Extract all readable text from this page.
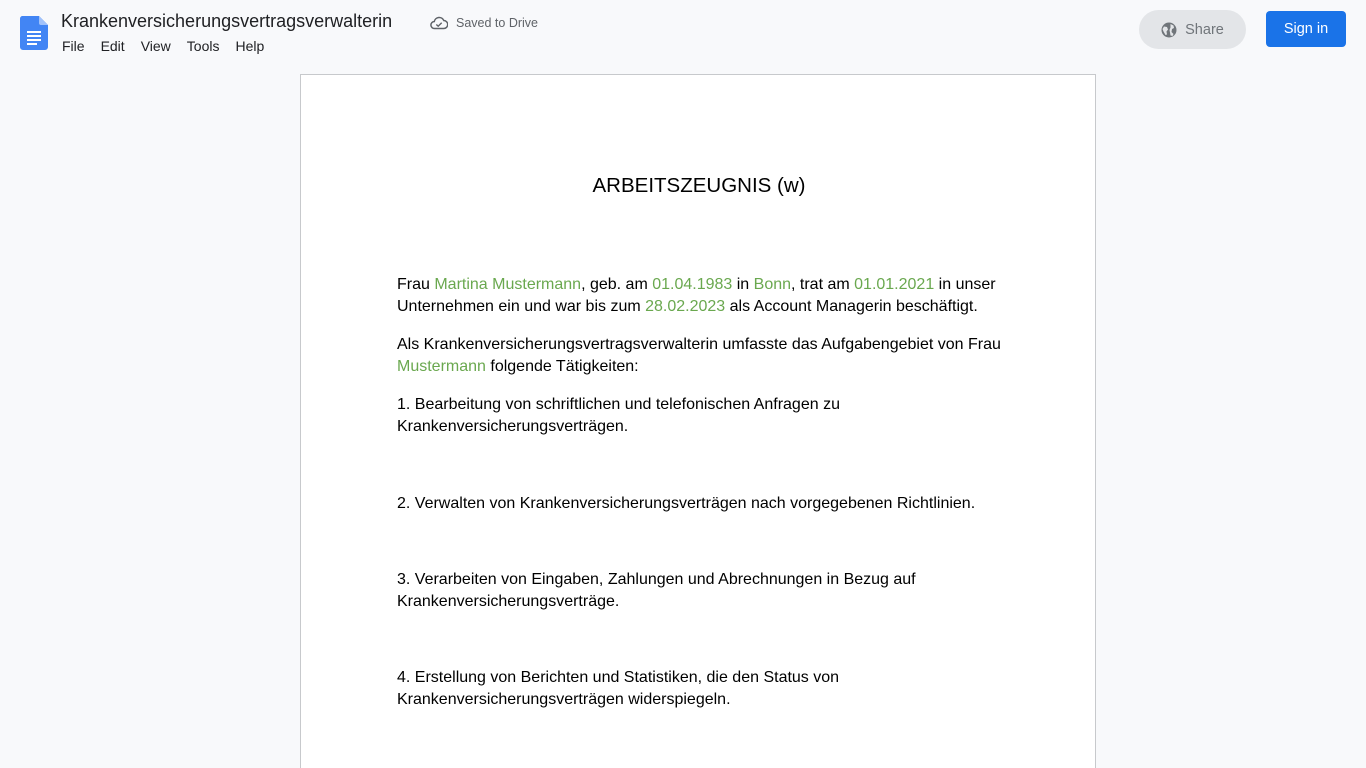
Krankenversicherungsvertragsverwalterin	Saved to Drive
File	Edit	View	Tools	Help
Share	Sign in
ARBEITSZEUGNIS (w)

Frau Martina Mustermann, geb. am 01.04.1983 in Bonn, trat am 01.01.2021 in unser Unternehmen ein und war bis zum 28.02.2023 als Account Managerin beschäftigt.

Als Krankenversicherungsvertragsverwalterin umfasste das Aufgabengebiet von Frau Mustermann folgende Tätigkeiten:

1. Bearbeitung von schriftlichen und telefonischen Anfragen zu Krankenversicherungsverträgen.

2. Verwalten von Krankenversicherungsverträgen nach vorgegebenen Richtlinien.

3. Verarbeiten von Eingaben, Zahlungen und Abrechnungen in Bezug auf Krankenversicherungsverträge.

4. Erstellung von Berichten und Statistiken, die den Status von Krankenversicherungsverträgen widerspiegeln.
